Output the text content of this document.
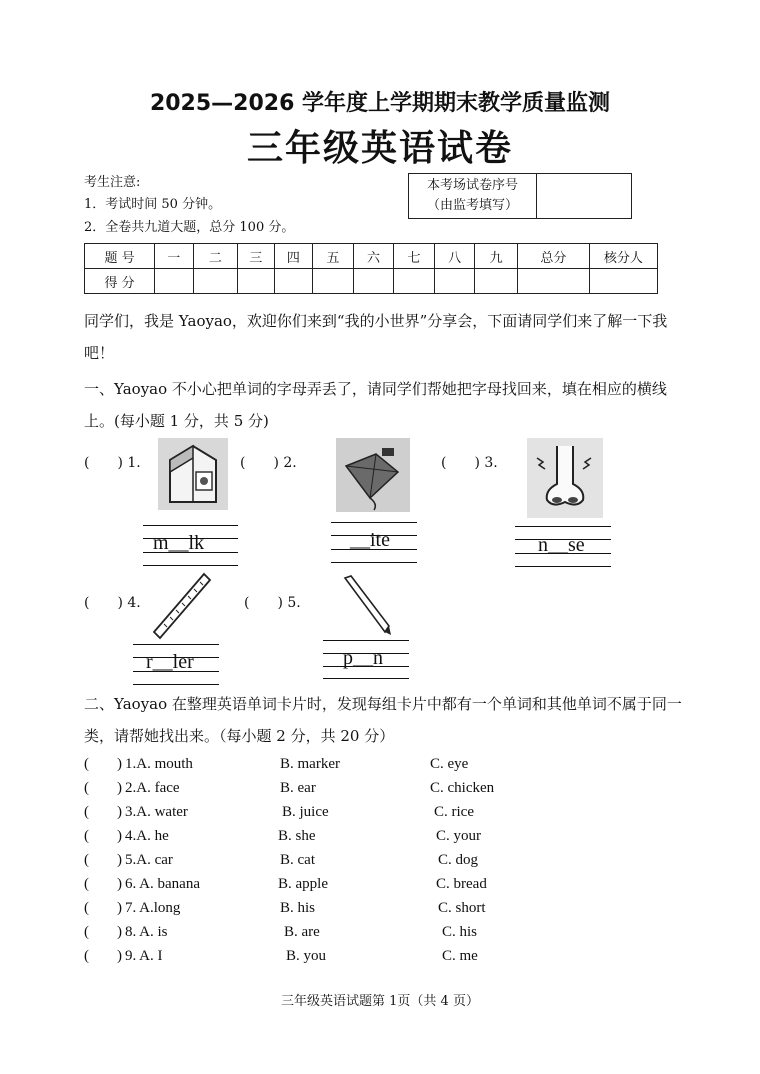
2025—2026 学年度上学期期末教学质量监测
三年级英语试卷
考生注意:
1．考试时间 50 分钟。
2．全卷共九道大题，总分 100 分。
本考场试卷序号
（由监考填写）
题 号	一	二	三	四	五	六	七	八	九	总分	核分人
得 分											
同学们，我是 Yaoyao，欢迎你们来到“我的小世界”分享会，下面请同学们来了解一下我吧！
一、Yaoyao 不小心把单词的字母弄丢了，请同学们帮她把字母找回来，填在相应的横线上。(每小题 1 分，共 5 分)
(　　) 1.
m__lk
(　　) 2.
__ite
(　　) 3.
n__se
(　　) 4.
r__ler
(　　) 5.
p__n
二、Yaoyao 在整理英语单词卡片时，发现每组卡片中都有一个单词和其他单词不属于同一类，请帮她找出来。（每小题 2 分，共 20 分）
( ) 1.A. mouth	B. marker	C. eye
( ) 2.A. face	B. ear	C. chicken
( ) 3.A. water	B. juice	C. rice
( ) 4.A. he	B. she	C. your
( ) 5.A. car	B. cat	C. dog
( ) 6. A. banana	B. apple	C. bread
( ) 7. A.long	B. his	C. short
( ) 8. A. is	B. are	C. his
( ) 9. A. I	B. you	C. me
三年级英语试题第 1页（共 4 页）
